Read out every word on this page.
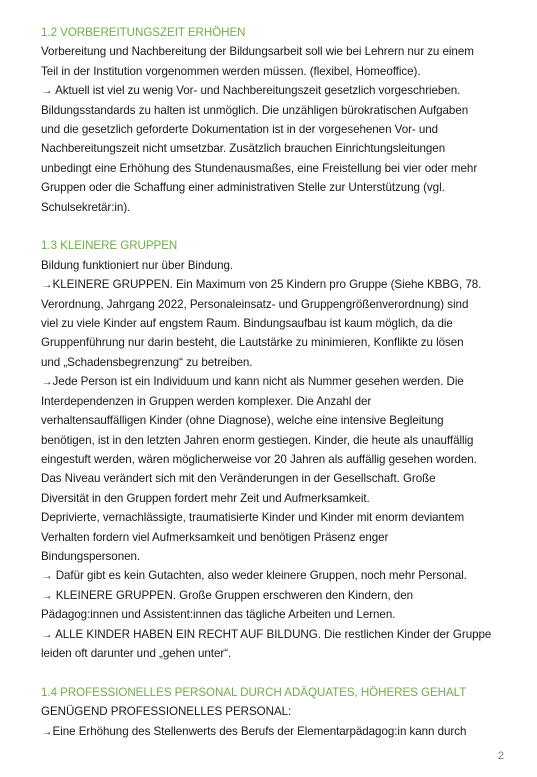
1.2 VORBEREITUNGSZEIT ERHÖHEN
Vorbereitung und Nachbereitung der Bildungsarbeit soll wie bei Lehrern nur zu einem
Teil in der Institution vorgenommen werden müssen. (flexibel, Homeoffice).
→ Aktuell ist viel zu wenig Vor- und Nachbereitungszeit gesetzlich vorgeschrieben.
Bildungsstandards zu halten ist unmöglich. Die unzähligen bürokratischen Aufgaben
und die gesetzlich geforderte Dokumentation ist in der vorgesehenen Vor- und
Nachbereitungszeit nicht umsetzbar. Zusätzlich brauchen Einrichtungsleitungen
unbedingt eine Erhöhung des Stundenausmaßes, eine Freistellung bei vier oder mehr
Gruppen oder die Schaffung einer administrativen Stelle zur Unterstützung (vgl.
Schulsekretär:in).
1.3 KLEINERE GRUPPEN
Bildung funktioniert nur über Bindung.
→KLEINERE GRUPPEN. Ein Maximum von 25 Kindern pro Gruppe (Siehe KBBG, 78.
Verordnung, Jahrgang 2022, Personaleinsatz- und Gruppengrößenverordnung) sind
viel zu viele Kinder auf engstem Raum. Bindungsaufbau ist kaum möglich, da die
Gruppenführung nur darin besteht, die Lautstärke zu minimieren, Konflikte zu lösen
und „Schadensbegrenzung“ zu betreiben.
→Jede Person ist ein Individuum und kann nicht als Nummer gesehen werden. Die
Interdependenzen in Gruppen werden komplexer. Die Anzahl der
verhaltensauffälligen Kinder (ohne Diagnose), welche eine intensive Begleitung
benötigen, ist in den letzten Jahren enorm gestiegen. Kinder, die heute als unauffällig
eingestuft werden, wären möglicherweise vor 20 Jahren als auffällig gesehen worden.
Das Niveau verändert sich mit den Veränderungen in der Gesellschaft. Große
Diversität in den Gruppen fordert mehr Zeit und Aufmerksamkeit.
Deprivierte, vernachlässigte, traumatisierte Kinder und Kinder mit enorm deviantem
Verhalten fordern viel Aufmerksamkeit und benötigen Präsenz enger
Bindungspersonen.
→ Dafür gibt es kein Gutachten, also weder kleinere Gruppen, noch mehr Personal.
→ KLEINERE GRUPPEN. Große Gruppen erschweren den Kindern, den
Pädagog:innen und Assistent:innen das tägliche Arbeiten und Lernen.
→ ALLE KINDER HABEN EIN RECHT AUF BILDUNG. Die restlichen Kinder der Gruppe
leiden oft darunter und „gehen unter“.
1.4 PROFESSIONELLES PERSONAL DURCH ADÄQUATES, HÖHERES GEHALT
GENÜGEND PROFESSIONELLES PERSONAL:
→Eine Erhöhung des Stellenwerts des Berufs der Elementarpädagog:in kann durch
2
